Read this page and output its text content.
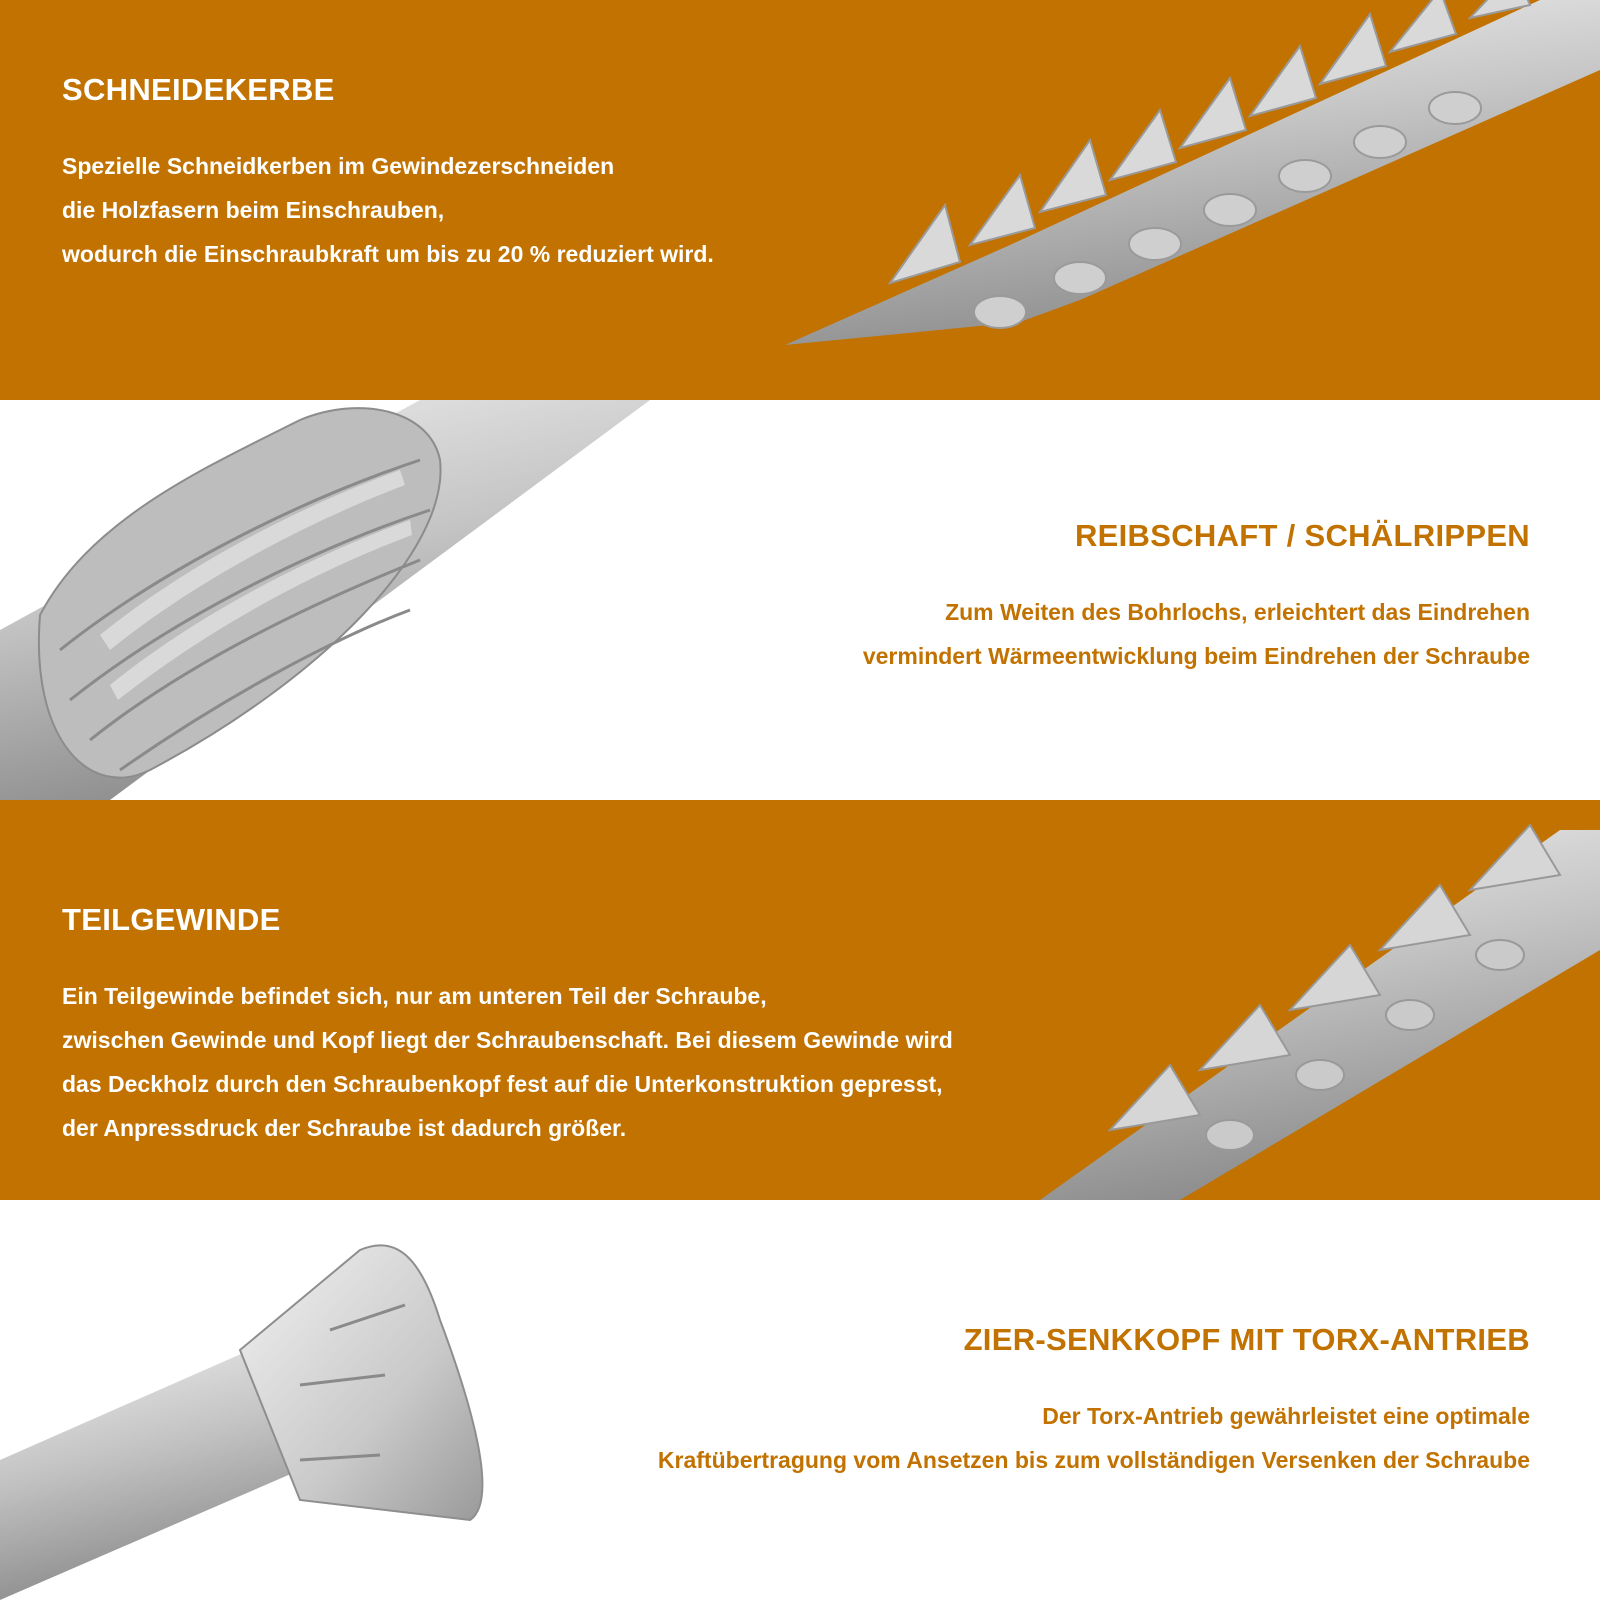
SCHNEIDEKERBE

Spezielle Schneidkerben im Gewindezerschneiden

die Holzfasern beim Einschrauben,

wodurch die Einschraubkraft um bis zu 20 % reduziert wird.

REIBSCHAFT / SCHÄLRIPPEN

Zum Weiten des Bohrlochs, erleichtert das Eindrehen

vermindert Wärmeentwicklung beim Eindrehen der Schraube

TEILGEWINDE

Ein Teilgewinde befindet sich, nur am unteren Teil der Schraube,

zwischen Gewinde und Kopf liegt der Schraubenschaft. Bei diesem Gewinde wird

das Deckholz durch den Schraubenkopf fest auf die Unterkonstruktion gepresst,

der Anpressdruck der Schraube ist dadurch größer.

ZIER-SENKKOPF MIT TORX-ANTRIEB

Der Torx-Antrieb gewährleistet eine optimale

Kraftübertragung vom Ansetzen bis zum vollständigen Versenken der Schraube
